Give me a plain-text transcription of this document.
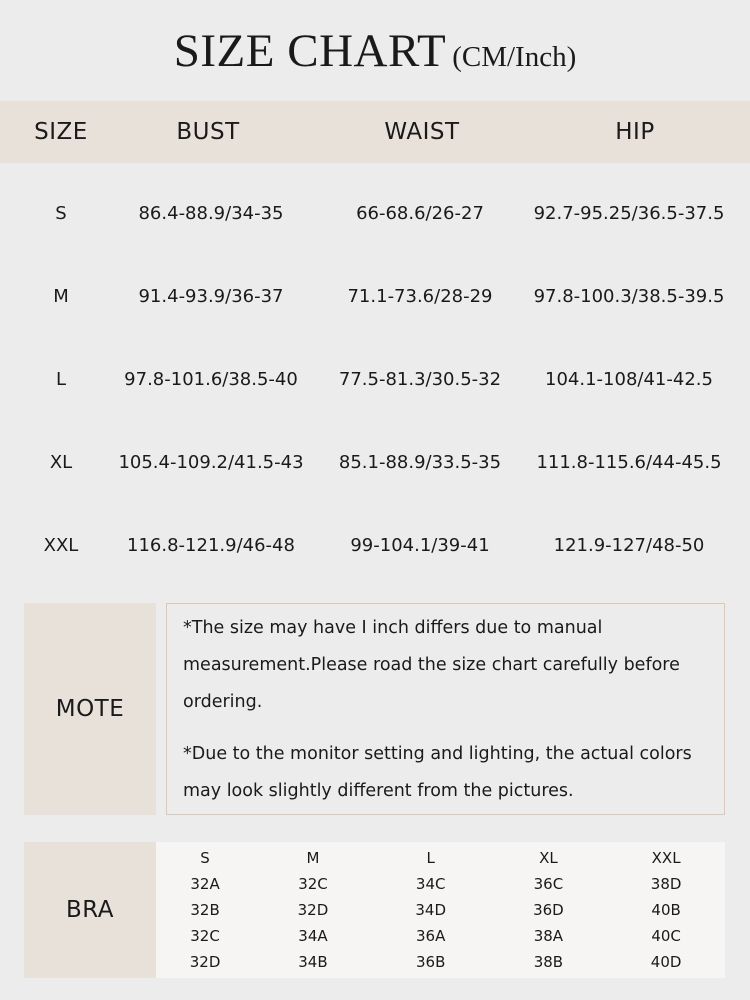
SIZE CHART (CM/Inch)
SIZE	BUST	WAIST	HIP
S	86.4-88.9/34-35	66-68.6/26-27	92.7-95.25/36.5-37.5
M	91.4-93.9/36-37	71.1-73.6/28-29	97.8-100.3/38.5-39.5
L	97.8-101.6/38.5-40	77.5-81.3/30.5-32	104.1-108/41-42.5
XL	105.4-109.2/41.5-43	85.1-88.9/33.5-35	111.8-115.6/44-45.5
XXL	116.8-121.9/46-48	99-104.1/39-41	121.9-127/48-50
MOTE

*The size may have I inch differs due to manual measurement.Please road the size chart carefully before ordering.

*Due to the monitor setting and lighting, the actual colors may look slightly different from the pictures.

BRA
S	M	L	XL	XXL
32A	32C	34C	36C	38D
32B	32D	34D	36D	40B
32C	34A	36A	38A	40C
32D	34B	36B	38B	40D
